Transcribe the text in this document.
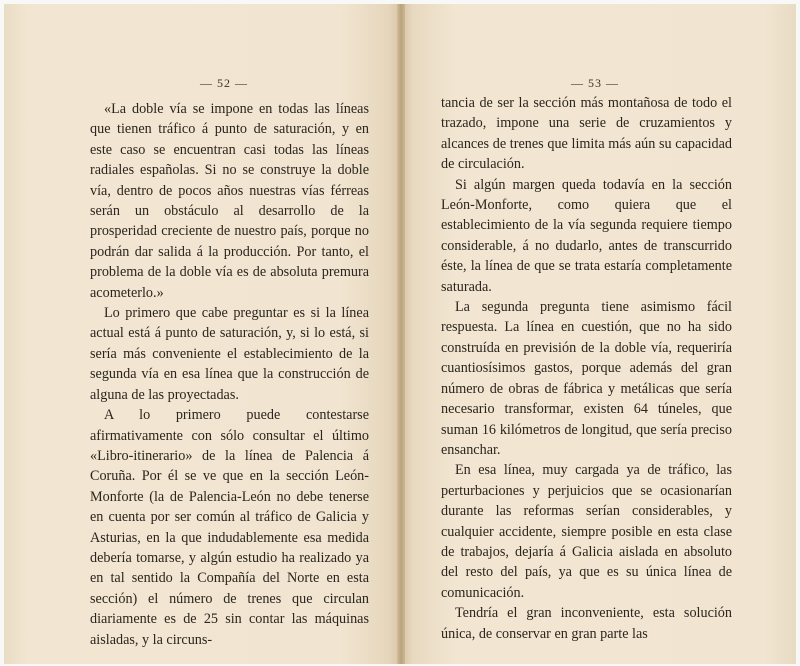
— 52 —

«La doble vía se impone en todas las líneas que tienen tráfico á punto de saturación, y en este caso se encuentran casi todas las líneas radiales españolas. Si no se construye la doble vía, dentro de pocos años nuestras vías férreas serán un obstáculo al desarrollo de la prosperidad creciente de nuestro país, porque no podrán dar salida á la producción. Por tanto, el problema de la doble vía es de absoluta premura acometerlo.»

Lo primero que cabe preguntar es si la línea actual está á punto de saturación, y, si lo está, si sería más conveniente el establecimiento de la segunda vía en esa línea que la construcción de alguna de las proyectadas.

A lo primero puede contestarse afirmativamente con sólo consultar el último «Libro-itinerario» de la línea de Palencia á Coruña. Por él se ve que en la sección León-Monforte (la de Palencia-León no debe tenerse en cuenta por ser común al tráfico de Galicia y Asturias, en la que indudablemente esa medida debería tomarse, y algún estudio ha realizado ya en tal sentido la Compañía del Norte en esta sección) el número de trenes que circulan diariamente es de 25 sin contar las máquinas aisladas, y la circuns-

— 53 —

tancia de ser la sección más montañosa de todo el trazado, impone una serie de cruzamientos y alcances de trenes que limita más aún su capacidad de circulación.

Si algún margen queda todavía en la sección León-Monforte, como quiera que el establecimiento de la vía segunda requiere tiempo considerable, á no dudarlo, antes de transcurrido éste, la línea de que se trata estaría completamente saturada.

La segunda pregunta tiene asimismo fácil respuesta. La línea en cuestión, que no ha sido construída en previsión de la doble vía, requeriría cuantiosísimos gastos, porque además del gran número de obras de fábrica y metálicas que sería necesario transformar, existen 64 túneles, que suman 16 kilómetros de longitud, que sería preciso ensanchar.

En esa línea, muy cargada ya de tráfico, las perturbaciones y perjuicios que se ocasionarían durante las reformas serían considerables, y cualquier accidente, siempre posible en esta clase de trabajos, dejaría á Galicia aislada en absoluto del resto del país, ya que es su única línea de comunicación.

Tendría el gran inconveniente, esta solución única, de conservar en gran parte las
